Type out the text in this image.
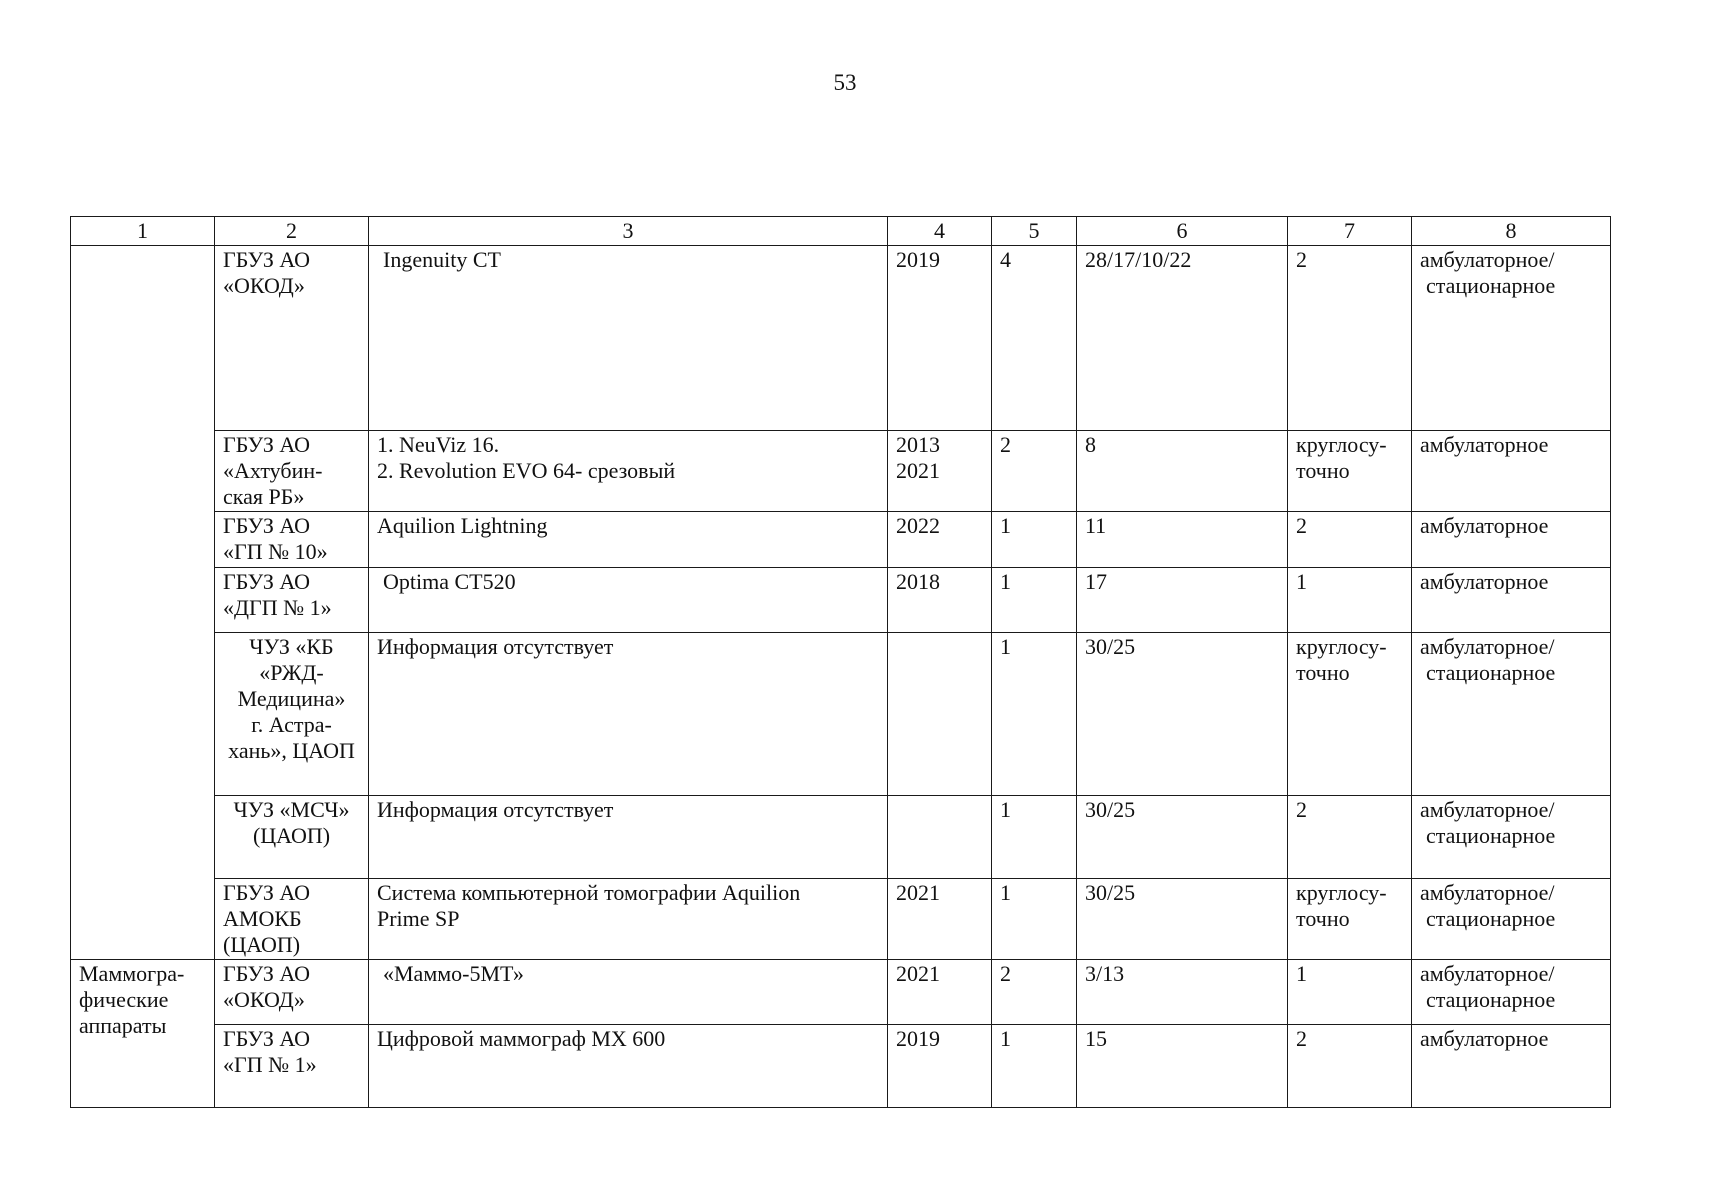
53
1	2	3	4	5	6	7	8

	ГБУЗ АО
«ОКОД»	Ingenuity CT	2019	4	28/17/10/22	2	амбулаторное/
стационарное

	ГБУЗ АО
«Ахтубин-
ская РБ»	1. NeuViz 16.
2. Revolution EVO 64- срезовый	2013
2021	2	8	круглосу-
точно	амбулаторное

	ГБУЗ АО
«ГП № 10»	Aquilion Lightning	2022	1	11	2	амбулаторное

	ГБУЗ АО
«ДГП № 1»	Optima CT520	2018	1	17	1	амбулаторное

	ЧУЗ «КБ
«РЖД-
Медицина»
г. Астра-
хань», ЦАОП	Информация отсутствует		1	30/25	круглосу-
точно	амбулаторное/
стационарное

	ЧУЗ «МСЧ»
(ЦАОП)	Информация отсутствует		1	30/25	2	амбулаторное/
стационарное

	ГБУЗ АО
АМОКБ
(ЦАОП)	Система компьютерной томографии Aquilion
Prime SP	2021	1	30/25	круглосу-
точно	амбулаторное/
стационарное

Маммогра-
фические
аппараты	ГБУЗ АО
«ОКОД»	«Маммо-5МТ»	2021	2	3/13	1	амбулаторное/
стационарное

	ГБУЗ АО
«ГП № 1»	Цифровой маммограф MX 600	2019	1	15	2	амбулаторное
